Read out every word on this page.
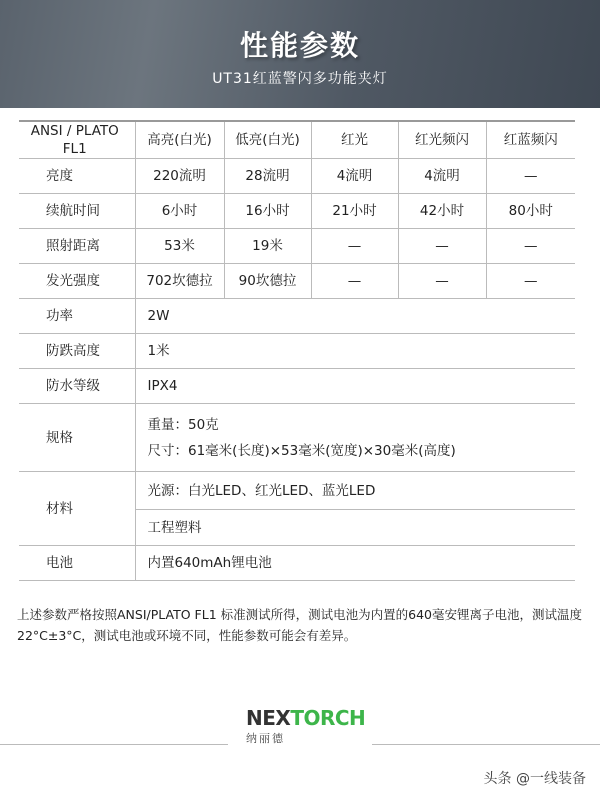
性能参数
UT31红蓝警闪多功能夹灯
ANSI / PLATO FL1	高亮(白光)	低亮(白光)	红光	红光频闪	红蓝频闪
亮度	220流明	28流明	4流明	4流明	—
续航时间	6小时	16小时	21小时	42小时	80小时
照射距离	53米	19米	—	—	—
发光强度	702坎德拉	90坎德拉	—	—	—
功率	2W				
防跌高度	1米				
防水等级	IPX4				
规格	重量：50克
尺寸：61毫米(长度)×53毫米(宽度)×30毫米(高度)				

材料	光源：白光LED、红光LED、蓝光LED				
	工程塑料				
电池	内置640mAh锂电池				
上述参数严格按照ANSI/PLATO FL1 标准测试所得，测试电池为内置的640毫安锂离子电池，测试温度22°C±3°C，测试电池或环境不同，性能参数可能会有差异。
NEXTORCH
纳丽德
头条 @一线装备
